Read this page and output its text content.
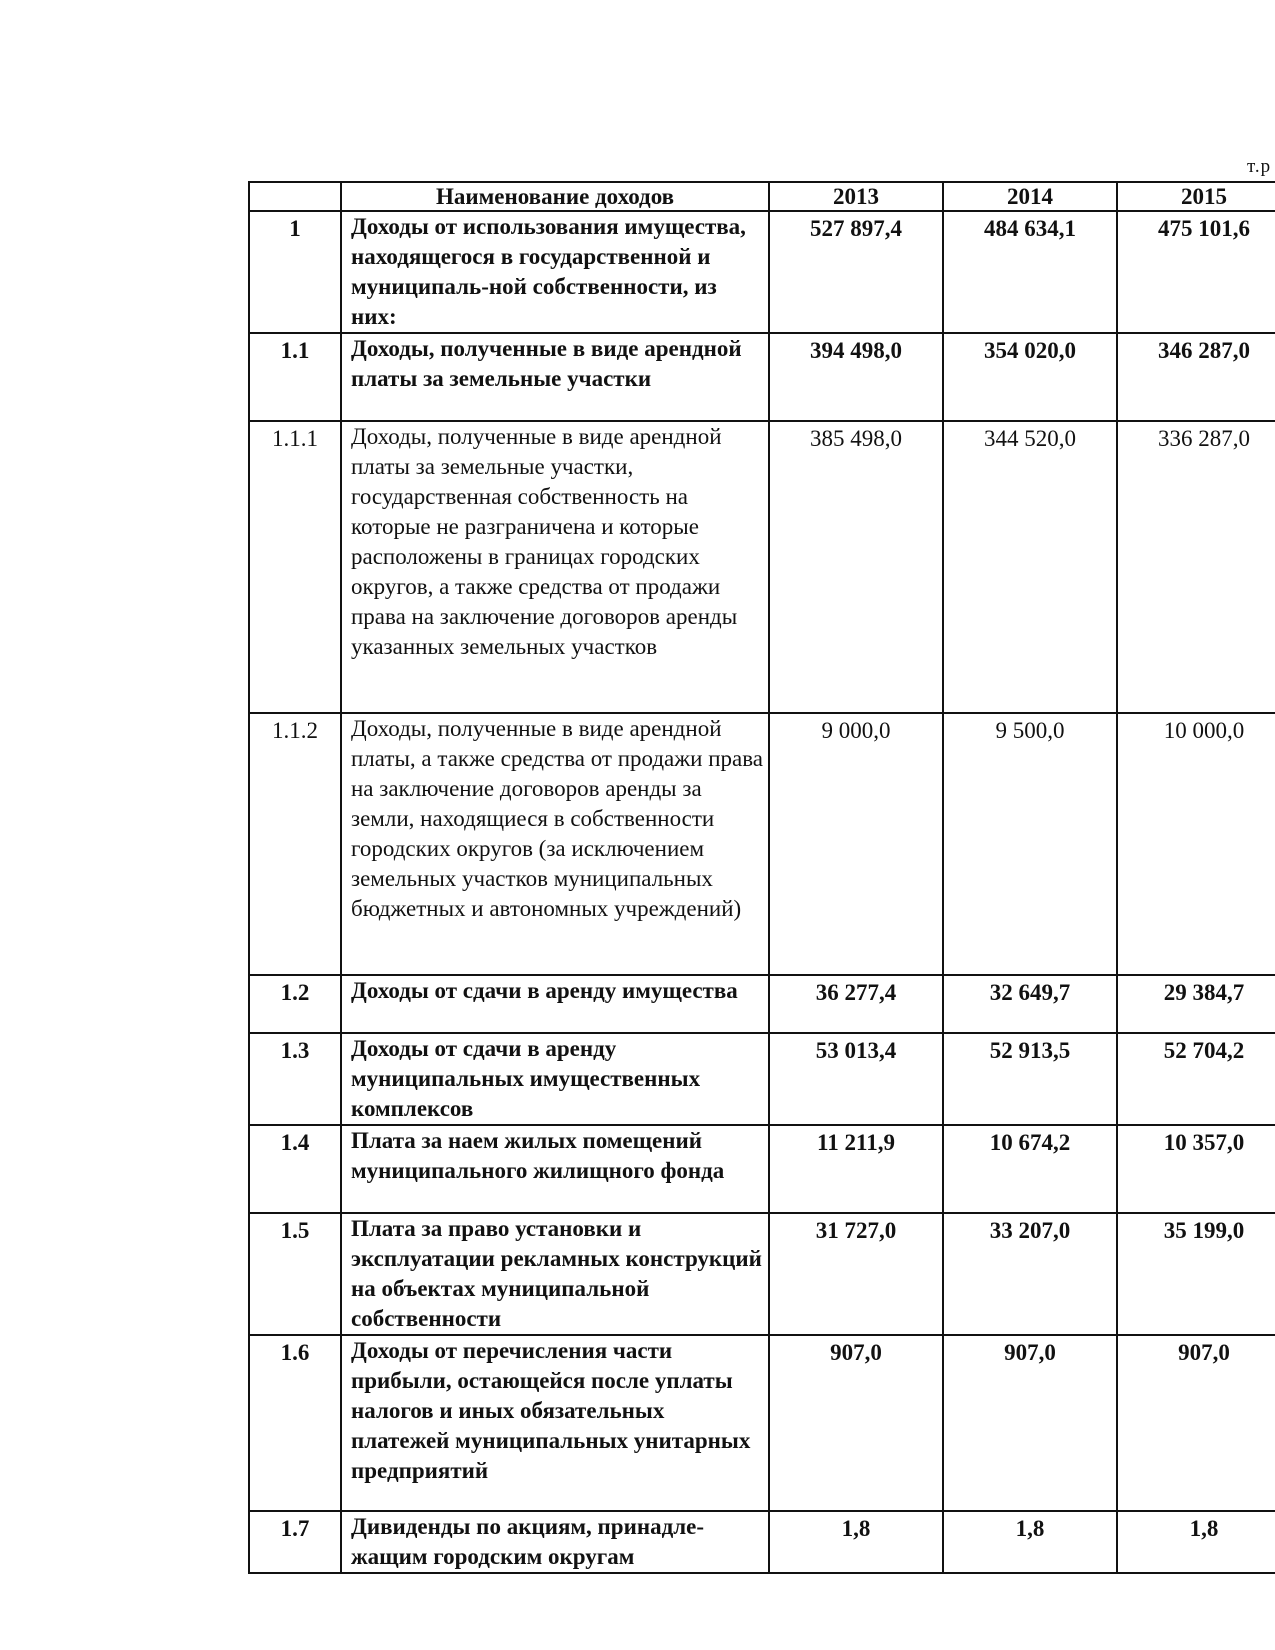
т.р
	Наименование доходов	2013	2014	2015
1	Доходы от использования имущества, находящегося в государственной и муниципаль-ной собственности, из них:	527 897,4	484 634,1	475 101,6
1.1	Доходы, полученные в виде арендной платы за земельные участки	394 498,0	354 020,0	346 287,0
1.1.1	Доходы, полученные в виде арендной платы за земельные участки, государственная собственность на которые не разграничена и которые расположены в границах городских округов, а также средства от продажи права на заключение договоров аренды указанных земельных участков	385 498,0	344 520,0	336 287,0
1.1.2	Доходы, полученные в виде арендной платы, а также средства от продажи права на заключение договоров аренды за земли, находящиеся в собственности городских округов (за исключением земельных участков муниципальных бюджетных и автономных учреждений)	9 000,0	9 500,0	10 000,0
1.2	Доходы от сдачи в аренду имущества	36 277,4	32 649,7	29 384,7
1.3	Доходы от сдачи в аренду муниципальных имущественных комплексов	53 013,4	52 913,5	52 704,2
1.4	Плата за наем жилых помещений муниципального жилищного фонда	11 211,9	10 674,2	10 357,0
1.5	Плата за право установки и эксплуатации рекламных конструкций на объектах муниципальной собственности	31 727,0	33 207,0	35 199,0
1.6	Доходы от перечисления части прибыли, остающейся после уплаты налогов и иных обязательных платежей муниципальных унитарных предприятий	907,0	907,0	907,0
1.7	Дивиденды по акциям, принадле-жащим городским округам	1,8	1,8	1,8
